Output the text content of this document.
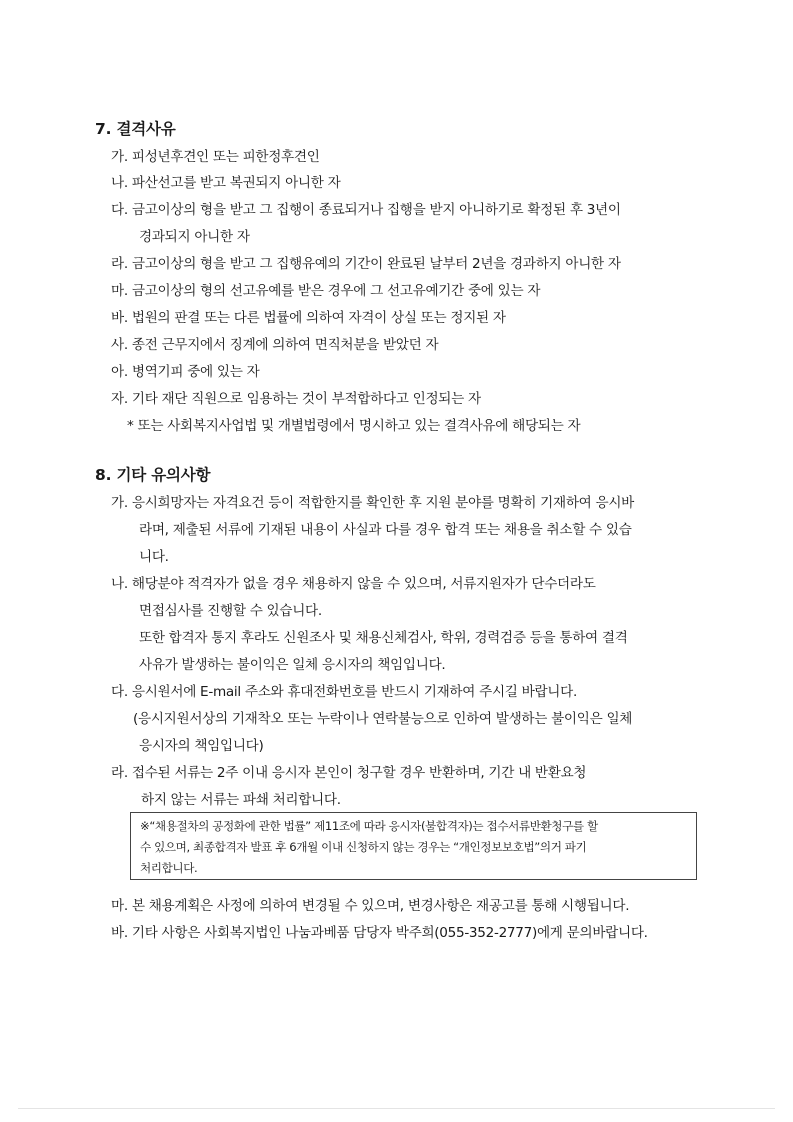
7. 결격사유
가. 피성년후견인 또는 피한정후견인
나. 파산선고를 받고 복권되지 아니한 자
다. 금고이상의 형을 받고 그 집행이 종료되거나 집행을 받지 아니하기로 확정된 후 3년이
경과되지 아니한 자
라. 금고이상의 형을 받고 그 집행유예의 기간이 완료된 날부터 2년을 경과하지 아니한 자
마. 금고이상의 형의 선고유예를 받은 경우에 그 선고유예기간 중에 있는 자
바. 법원의 판결 또는 다른 법률에 의하여 자격이 상실 또는 정지된 자
사. 종전 근무지에서 징계에 의하여 면직처분을 받았던 자
아. 병역기피 중에 있는 자
자. 기타 재단 직원으로 임용하는 것이 부적합하다고 인정되는 자
* 또는 사회복지사업법 및 개별법령에서 명시하고 있는 결격사유에 해당되는 자
8. 기타 유의사항
가. 응시희망자는 자격요건 등이 적합한지를 확인한 후 지원 분야를 명확히 기재하여 응시바
라며, 제출된 서류에 기재된 내용이 사실과 다를 경우 합격 또는 채용을 취소할 수 있습
니다.
나. 해당분야 적격자가 없을 경우 채용하지 않을 수 있으며, 서류지원자가 단수더라도
면접심사를 진행할 수 있습니다.
또한 합격자 통지 후라도 신원조사 및 채용신체검사, 학위, 경력검증 등을 통하여 결격
사유가 발생하는 불이익은 일체 응시자의 책임입니다.
다. 응시원서에 E-mail 주소와 휴대전화번호를 반드시 기재하여 주시길 바랍니다.
(응시지원서상의 기재착오 또는 누락이나 연락불능으로 인하여 발생하는 불이익은 일체
응시자의 책임입니다)
라. 접수된 서류는 2주 이내 응시자 본인이 청구할 경우 반환하며, 기간 내 반환요청
하지 않는 서류는 파쇄 처리합니다.
※“채용절차의 공정화에 관한 법률” 제11조에 따라 응시자(불합격자)는 접수서류반환청구를 할
수 있으며, 최종합격자 발표 후 6개월 이내 신청하지 않는 경우는 “개인정보보호법”의거 파기
처리합니다.
마. 본 채용계획은 사정에 의하여 변경될 수 있으며, 변경사항은 재공고를 통해 시행됩니다.
바. 기타 사항은 사회복지법인 나눔과베품 담당자 박주희(055-352-2777)에게 문의바랍니다.
